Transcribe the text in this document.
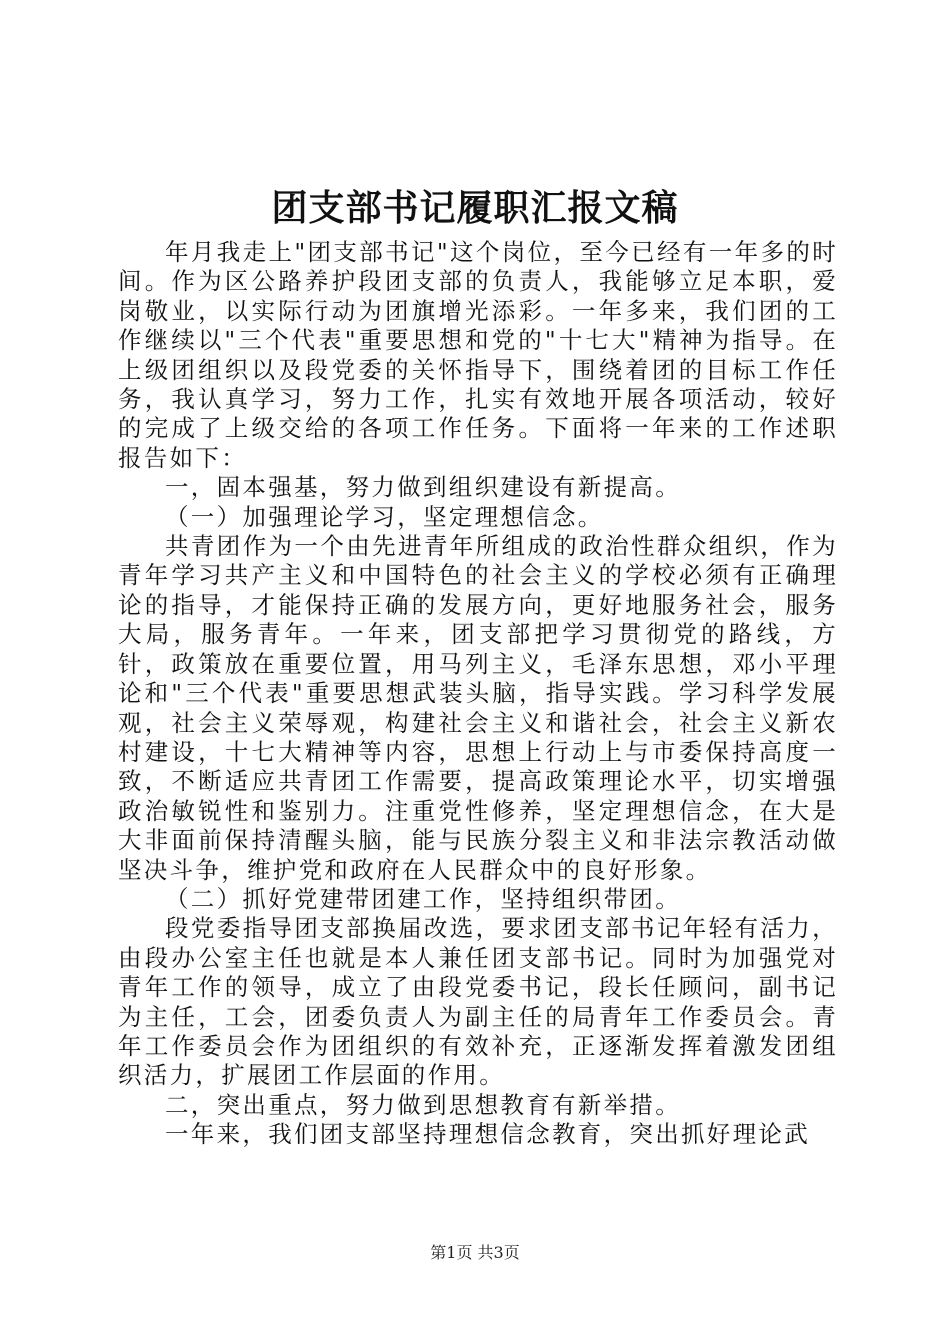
团支部书记履职汇报文稿

年月我走上"团支部书记"这个岗位，至今已经有一年多的时间。作为区公路养护段团支部的负责人，我能够立足本职，爱岗敬业，以实际行动为团旗增光添彩。一年多来，我们团的工作继续以"三个代表"重要思想和党的"十七大"精神为指导。在上级团组织以及段党委的关怀指导下，围绕着团的目标工作任务，我认真学习，努力工作，扎实有效地开展各项活动，较好的完成了上级交给的各项工作任务。下面将一年来的工作述职报告如下：

一，固本强基，努力做到组织建设有新提高。

（一）加强理论学习，坚定理想信念。

共青团作为一个由先进青年所组成的政治性群众组织，作为青年学习共产主义和中国特色的社会主义的学校必须有正确理论的指导，才能保持正确的发展方向，更好地服务社会，服务大局，服务青年。一年来，团支部把学习贯彻党的路线，方针，政策放在重要位置，用马列主义，毛泽东思想，邓小平理论和"三个代表"重要思想武装头脑，指导实践。学习科学发展观，社会主义荣辱观，构建社会主义和谐社会，社会主义新农村建设，十七大精神等内容，思想上行动上与市委保持高度一致，不断适应共青团工作需要，提高政策理论水平，切实增强政治敏锐性和鉴别力。注重党性修养，坚定理想信念，在大是大非面前保持清醒头脑，能与民族分裂主义和非法宗教活动做坚决斗争，维护党和政府在人民群众中的良好形象。

（二）抓好党建带团建工作，坚持组织带团。

段党委指导团支部换届改选，要求团支部书记年轻有活力，由段办公室主任也就是本人兼任团支部书记。同时为加强党对青年工作的领导，成立了由段党委书记，段长任顾问，副书记为主任，工会，团委负责人为副主任的局青年工作委员会。青年工作委员会作为团组织的有效补充，正逐渐发挥着激发团组织活力，扩展团工作层面的作用。

二，突出重点，努力做到思想教育有新举措。

一年来，我们团支部坚持理想信念教育，突出抓好理论武

第1页 共3页
